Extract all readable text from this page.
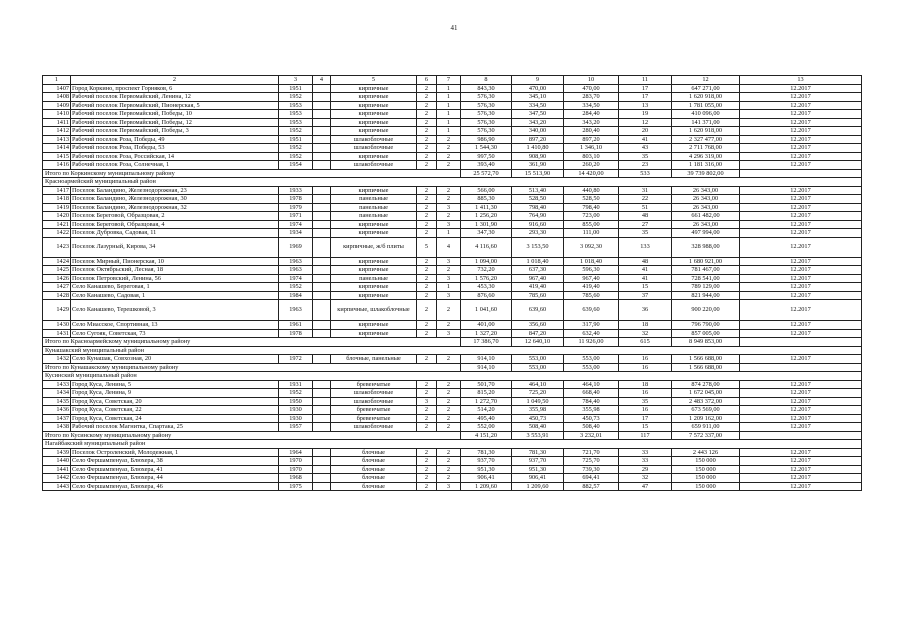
41
1	2	3	4	5	6	7	8	9	10	11	12	13
1407	Город Коркино, проспект Горняков, 6	1951		кирпичные	2	1	843,30	470,00	470,00	17	647 271,00	12.2017
1408	Рабочий поселок Первомайский, Ленина, 12	1952		кирпичные	2	1	576,30	345,10	283,70	17	1 620 918,00	12.2017
1409	Рабочий поселок Первомайский, Пионерская, 5	1953		кирпичные	2	1	576,30	334,50	334,50	13	1 781 055,00	12.2017
1410	Рабочий поселок Первомайский, Победы, 10	1953		кирпичные	2	1	576,30	347,50	284,40	19	410 096,00	12.2017
1411	Рабочий поселок Первомайский, Победы, 12	1953		кирпичные	2	1	576,30	343,20	343,20	12	141 371,00	12.2017
1412	Рабочий поселок Первомайский, Победы, 3	1952		кирпичные	2	1	576,30	340,00	280,40	20	1 620 918,00	12.2017
1413	Рабочий поселок Роза, Победы, 49	1951		шлакоблочные	2	2	986,90	897,20	897,20	41	2 327 477,00	12.2017
1414	Рабочий поселок Роза, Победы, 53	1952		шлакоблочные	2	2	1 544,30	1 410,80	1 346,10	43	2 711 768,00	12.2017
1415	Рабочий поселок Роза, Российская, 14	1952		кирпичные	2	2	997,50	908,90	803,10	35	4 296 319,00	12.2017
1416	Рабочий поселок Роза, Солнечная, 1	1954		шлакоблочные	2	2	393,40	361,90	260,20	23	1 181 316,00	12.2017
Итого по Коркинскому муниципальному району							25 572,70	15 513,90	14 420,00	533	39 739 802,00	
Красноармейский муниципальный район												
1417	Поселок Баландино, Железнодорожная, 23	1933		кирпичные	2	2	566,00	513,40	440,80	31	26 343,00	12.2017
1418	Поселок Баландино, Железнодорожная, 30	1978		панельные	2	2	885,30	528,50	528,50	22	26 343,00	12.2017
1419	Поселок Баландино, Железнодорожная, 32	1979		панельные	2	3	1 411,30	798,40	798,40	51	26 343,00	12.2017
1420	Поселок Береговой, Образцовая, 2	1971		панельные	2	2	1 256,20	764,90	723,00	48	661 482,00	12.2017
1421	Поселок Береговой, Образцовая, 4	1974		кирпичные	2	3	1 301,90	916,60	855,00	27	26 343,00	12.2017
1422	Поселок Дубровка, Садовая, 11	1934		кирпичные	2	1	347,30	293,30	111,00	35	497 994,00	12.2017
1423	Поселок Лазурный, Кирова, 34	1969		кирпичные, ж/б плиты	5	4	4 116,60	3 153,50	3 092,30	133	328 988,00	12.2017
1424	Поселок Мирный, Пионерская, 10	1963		кирпичные	2	3	1 094,00	1 018,40	1 018,40	48	1 680 921,00	12.2017
1425	Поселок Октябрьский, Лесная, 18	1963		кирпичные	2	2	732,20	637,30	596,30	41	781 467,00	12.2017
1426	Поселок Петровский, Ленина, 56	1974		панельные	2	3	1 576,20	967,40	967,40	41	728 541,00	12.2017
1427	Село Канашево, Береговая, 1	1952		кирпичные	2	1	453,30	419,40	419,40	15	789 129,00	12.2017
1428	Село Канашево, Садовая, 1	1984		кирпичные	2	3	876,60	785,60	785,60	37	821 944,00	12.2017
1429	Село Канашево, Терешковой, 3	1963		кирпичные, шлакоблочные	2	2	1 041,60	639,60	639,60	36	900 220,00	12.2017
1430	Село Миасское, Спортивная, 13	1961		кирпичные	2	2	401,00	356,60	317,90	18	796 790,00	12.2017
1431	Село Сугояк, Советская, 73	1978		кирпичные	2	3	1 327,20	847,20	632,40	32	857 005,00	12.2017
Итого по Красноармейскому муниципальному району							17 386,70	12 640,10	11 926,00	615	8 949 853,00	
Кунашакский муниципальный район												
1432	Село Кунашак, Совхозная, 20	1972		блочные, панельные	2	2	914,10	553,00	553,00	16	1 566 688,00	12.2017
Итого по Кунашакскому муниципальному району							914,10	553,00	553,00	16	1 566 688,00	
Кусинский муниципальный район												
1433	Город Куса, Ленина, 5	1931		бревенчатые	2	2	501,70	464,10	464,10	18	874 278,00	12.2017
1434	Город Куса, Ленина, 9	1952		шлакоблочные	2	2	815,20	725,20	668,40	16	1 672 045,00	12.2017
1435	Город Куса, Советская, 20	1950		шлакоблочные	3	2	1 272,70	1 049,50	784,40	35	2 483 372,00	12.2017
1436	Город Куса, Советская, 22	1930		бревенчатые	2	2	514,20	355,98	355,98	16	673 569,00	12.2017
1437	Город Куса, Советская, 24	1930		бревенчатые	2	2	495,40	450,73	450,73	17	1 209 162,00	12.2017
1438	Рабочий поселок Магнитка, Спартака, 25	1957		шлакоблочные	2	2	552,00	508,40	508,40	15	659 911,00	12.2017
Итого по Кусинскому муниципальному району							4 151,20	3 553,91	3 232,01	117	7 572 337,00	
Нагайбакский муниципальный район												
1439	Поселок Остроленский, Молодежная, 1	1964		блочные	2	2	781,30	781,30	721,70	33	2 443 126	12.2017
1440	Село Фершампенуаз, Блюхера, 38	1970		блочные	2	2	937,70	937,70	725,70	33	150 000	12.2017
1441	Село Фершампенуаз, Блюхера, 41	1970		блочные	2	2	951,30	951,30	739,30	29	150 000	12.2017
1442	Село Фершампенуаз, Блюхера, 44	1968		блочные	2	2	906,41	906,41	694,41	32	150 000	12.2017
1443	Село Фершампенуаз, Блюхера, 46	1975		блочные	2	3	1 209,60	1 209,60	882,57	47	150 000	12.2017
